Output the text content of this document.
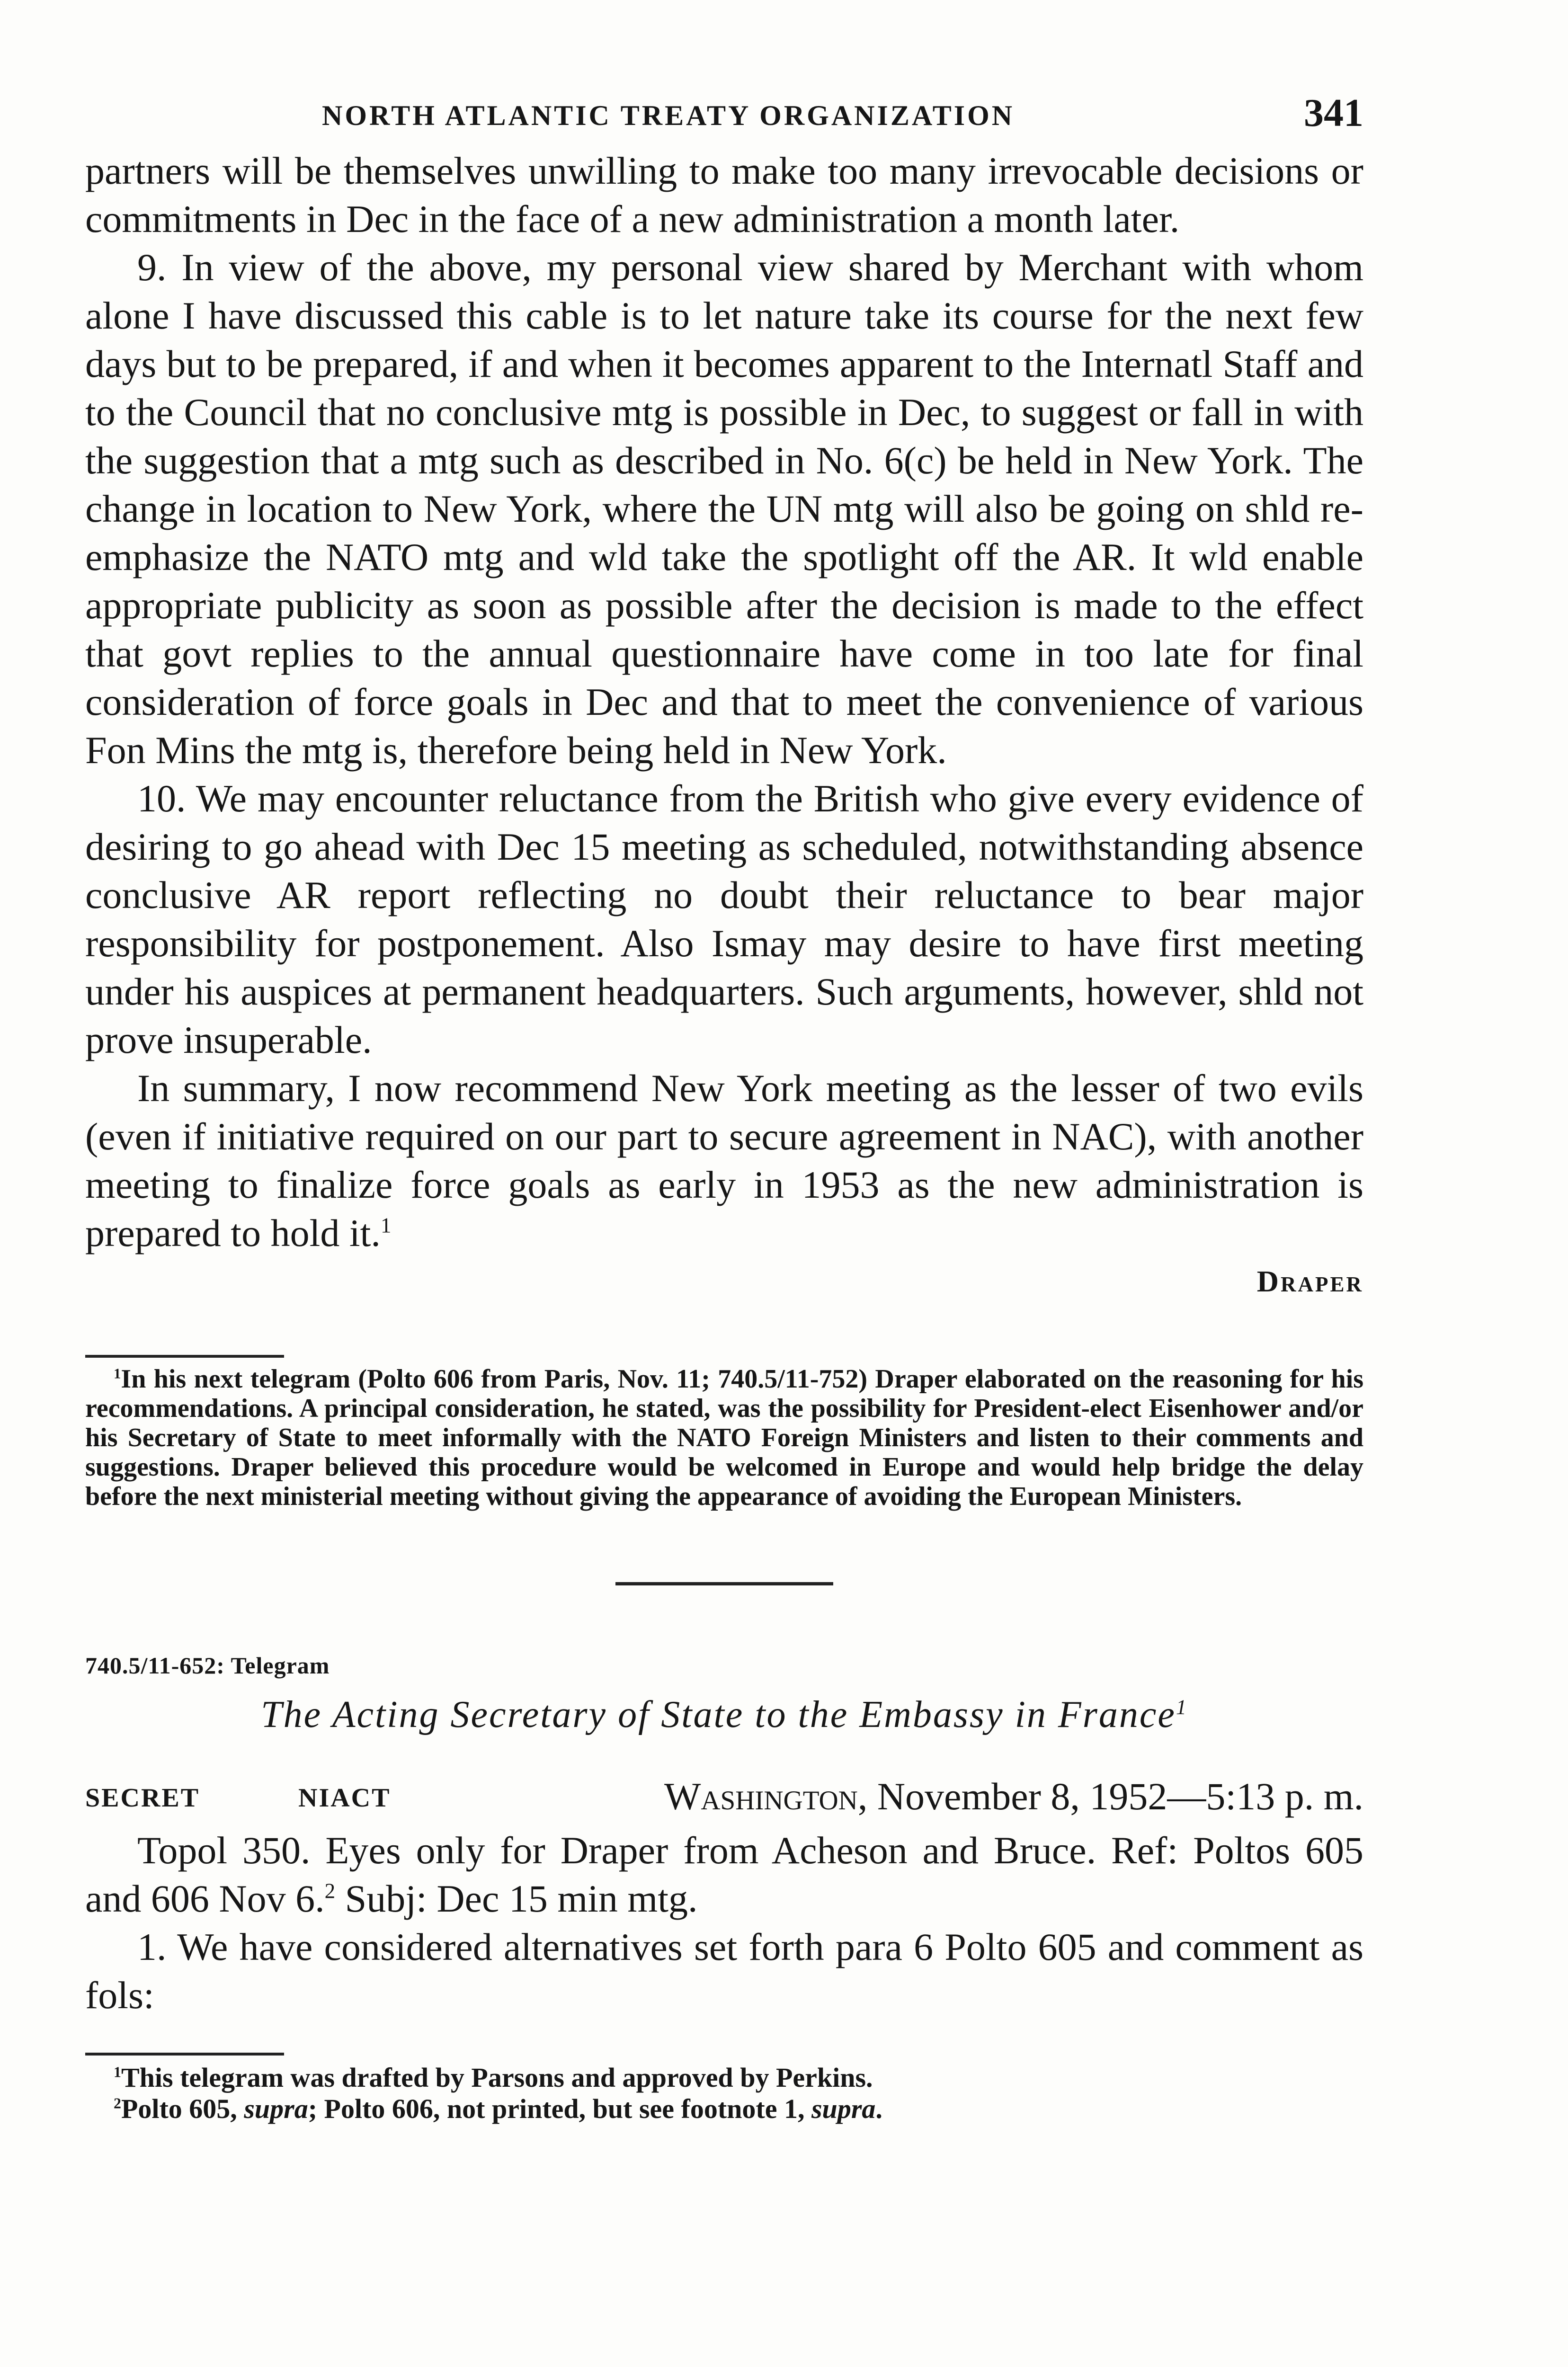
NORTH ATLANTIC TREATY ORGANIZATION	341

partners will be themselves unwilling to make too many irrevocable decisions or commitments in Dec in the face of a new administration a month later.

9. In view of the above, my personal view shared by Merchant with whom alone I have discussed this cable is to let nature take its course for the next few days but to be prepared, if and when it becomes apparent to the Internatl Staff and to the Council that no conclusive mtg is possible in Dec, to suggest or fall in with the suggestion that a mtg such as described in No. 6(c) be held in New York. The change in location to New York, where the UN mtg will also be going on shld re-emphasize the NATO mtg and wld take the spotlight off the AR. It wld enable appropriate publicity as soon as possible after the decision is made to the effect that govt replies to the annual questionnaire have come in too late for final consideration of force goals in Dec and that to meet the convenience of various Fon Mins the mtg is, therefore being held in New York.

10. We may encounter reluctance from the British who give every evidence of desiring to go ahead with Dec 15 meeting as scheduled, notwithstanding absence conclusive AR report reflecting no doubt their reluctance to bear major responsibility for postponement. Also Ismay may desire to have first meeting under his auspices at permanent headquarters. Such arguments, however, shld not prove insuperable.

In summary, I now recommend New York meeting as the lesser of two evils (even if initiative required on our part to secure agreement in NAC), with another meeting to finalize force goals as early in 1953 as the new administration is prepared to hold it.$^1$

Draper

$^1$In his next telegram (Polto 606 from Paris, Nov. 11; 740.5/11-752) Draper elaborated on the reasoning for his recommendations. A principal consideration, he stated, was the possibility for President-elect Eisenhower and/or his Secretary of State to meet informally with the NATO Foreign Ministers and listen to their comments and suggestions. Draper believed this procedure would be welcomed in Europe and would help bridge the delay before the next ministerial meeting without giving the appearance of avoiding the European Ministers.

740.5/11-652: Telegram
The Acting Secretary of State to the Embassy in France$^1$
SECRET	NIACT	Washington, November 8, 1952—5:13 p. m.

Topol 350. Eyes only for Draper from Acheson and Bruce. Ref: Poltos 605 and 606 Nov 6.$^2$ Subj: Dec 15 min mtg.

1. We have considered alternatives set forth para 6 Polto 605 and comment as fols:

$^1$This telegram was drafted by Parsons and approved by Perkins.

$^2$Polto 605, supra; Polto 606, not printed, but see footnote 1, supra.
